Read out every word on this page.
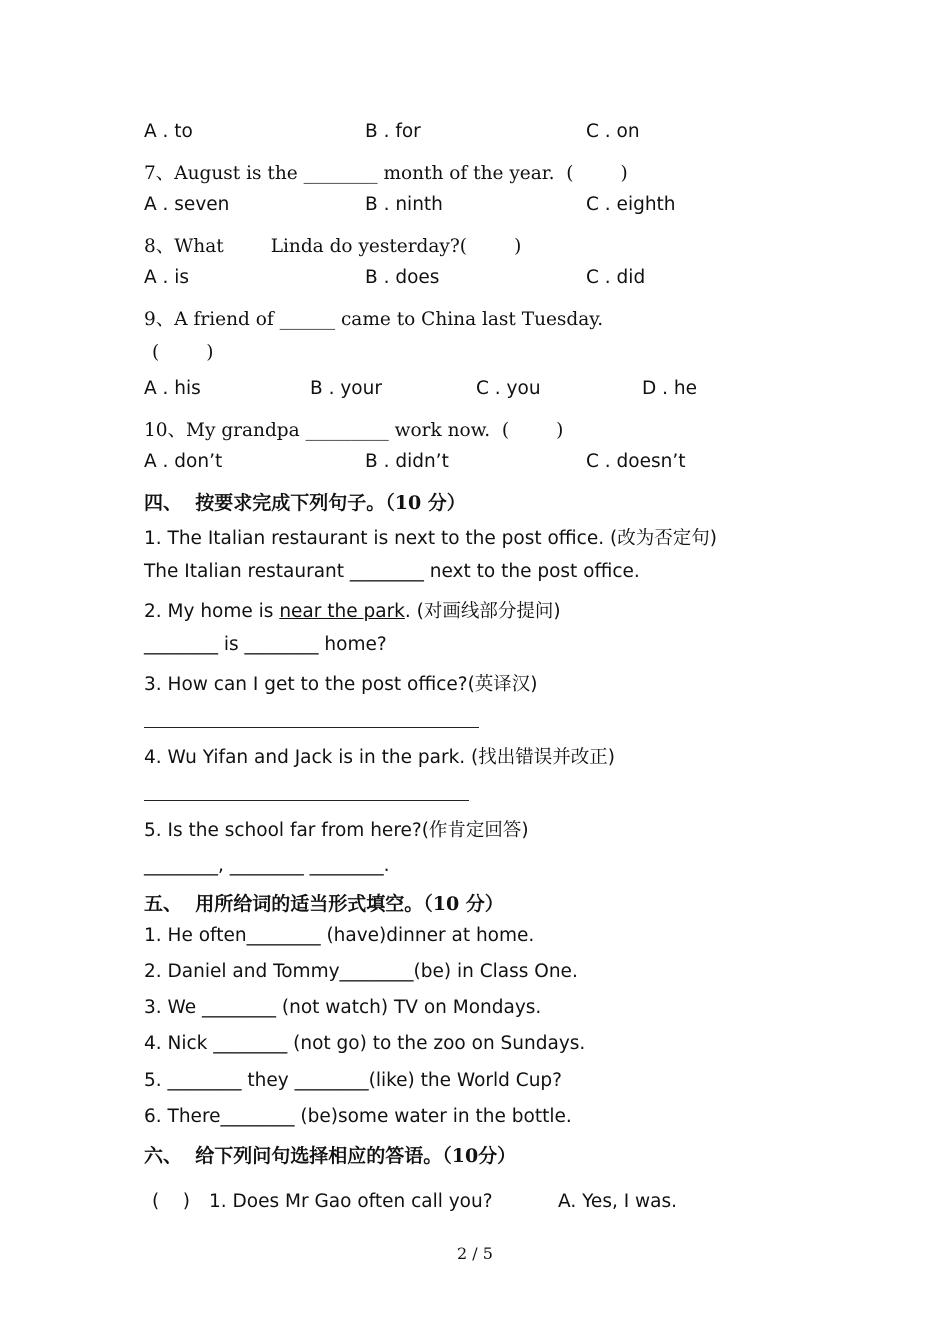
A . to	B . for	C . on
7、August is the ________ month of the year.  (        )
A . seven	B . ninth	C . eighth
8、What        Linda do yesterday?(        )
A . is	B . does	C . did
9、A friend of ______ came to China last Tuesday.
(        )
A . his	B . your	C . you	D . he
10、My grandpa _________ work now.  (        )
A . don’t	B . didn’t	C . doesn’t
四、  按要求完成下列句子。（10 分）
1. The Italian restaurant is next to the post office. (改为否定句)
The Italian restaurant ________ next to the post office.
2. My home is near the park. (对画线部分提问)
________ is ________ home?
3. How can I get to the post office?(英译汉)
4. Wu Yifan and Jack is in the park. (找出错误并改正)
5. Is the school far from here?(作肯定回答)
________, ________ ________.
五、  用所给词的适当形式填空。（10 分）
1. He often________ (have)dinner at home.
2. Daniel and Tommy________(be) in Class One.
3. We ________ (not watch) TV on Mondays.
4. Nick ________ (not go) to the zoo on Sundays.
5. ________ they ________(like) the World Cup?
6. There________ (be)some water in the bottle.
六、  给下列问句选择相应的答语。（10分）
(    ) 1. Does Mr Gao often call you?	A. Yes, I was.
2 / 5
